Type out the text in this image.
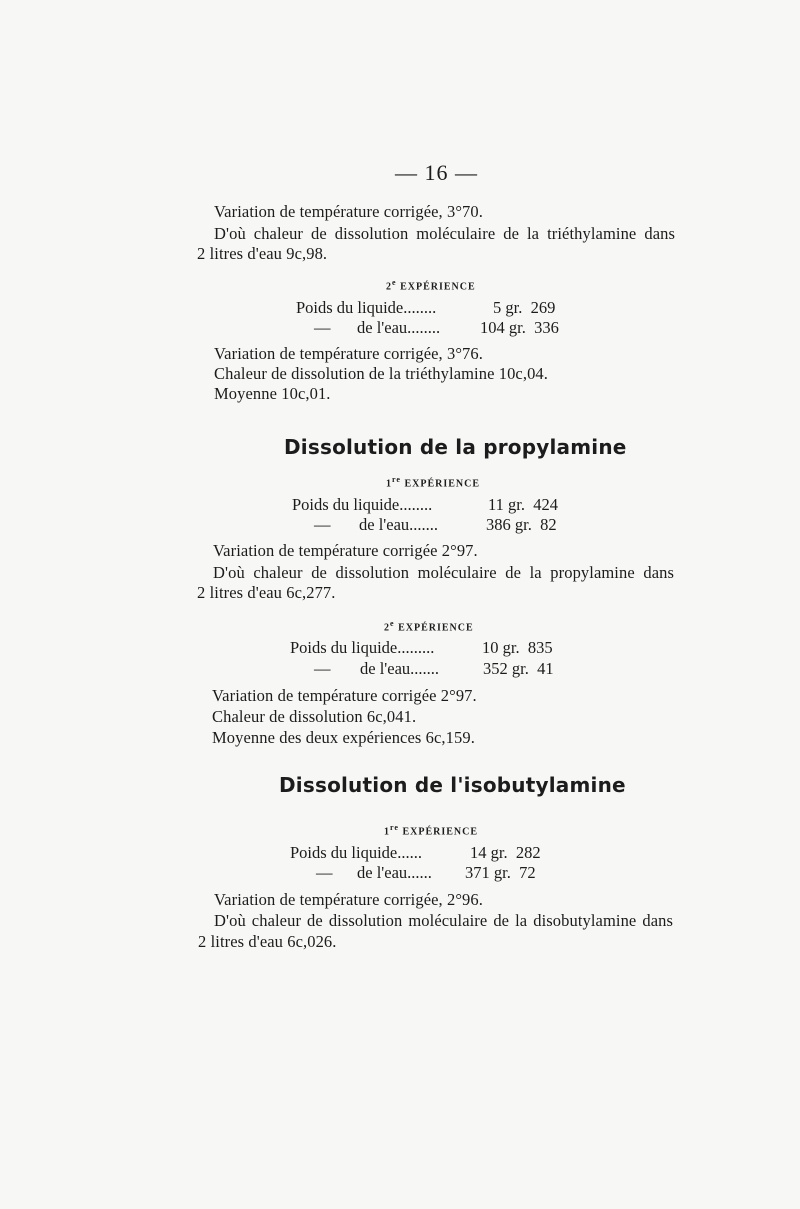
— 16 —
Variation de température corrigée, 3°70.
D'où chaleur de dissolution moléculaire de la triéthylamine dans
2 litres d'eau 9c,98.
2e EXPÉRIENCE
Poids du liquide........	5 gr.  269
— de l'eau........ 104 gr.  336
Variation de température corrigée, 3°76.
Chaleur de dissolution de la triéthylamine 10c,04.
Moyenne 10c,01.
Dissolution de la propylamine
1re EXPÉRIENCE
Poids du liquide........	11 gr.  424
— de l'eau.......	386 gr.  82
Variation de température corrigée 2°97.
D'où chaleur de dissolution moléculaire de la propylamine dans
2 litres d'eau 6c,277.
2e EXPÉRIENCE
Poids du liquide.........	10 gr.  835
— de l'eau.......	352 gr.  41
Variation de température corrigée 2°97.
Chaleur de dissolution 6c,041.
Moyenne des deux expériences 6c,159.
Dissolution de l'isobutylamine
1re EXPÉRIENCE
Poids du liquide......	14 gr.  282
— de l'eau...... 371 gr.  72
Variation de température corrigée, 2°96.
D'où chaleur de dissolution moléculaire de la disobutylamine dans
2 litres d'eau 6c,026.
